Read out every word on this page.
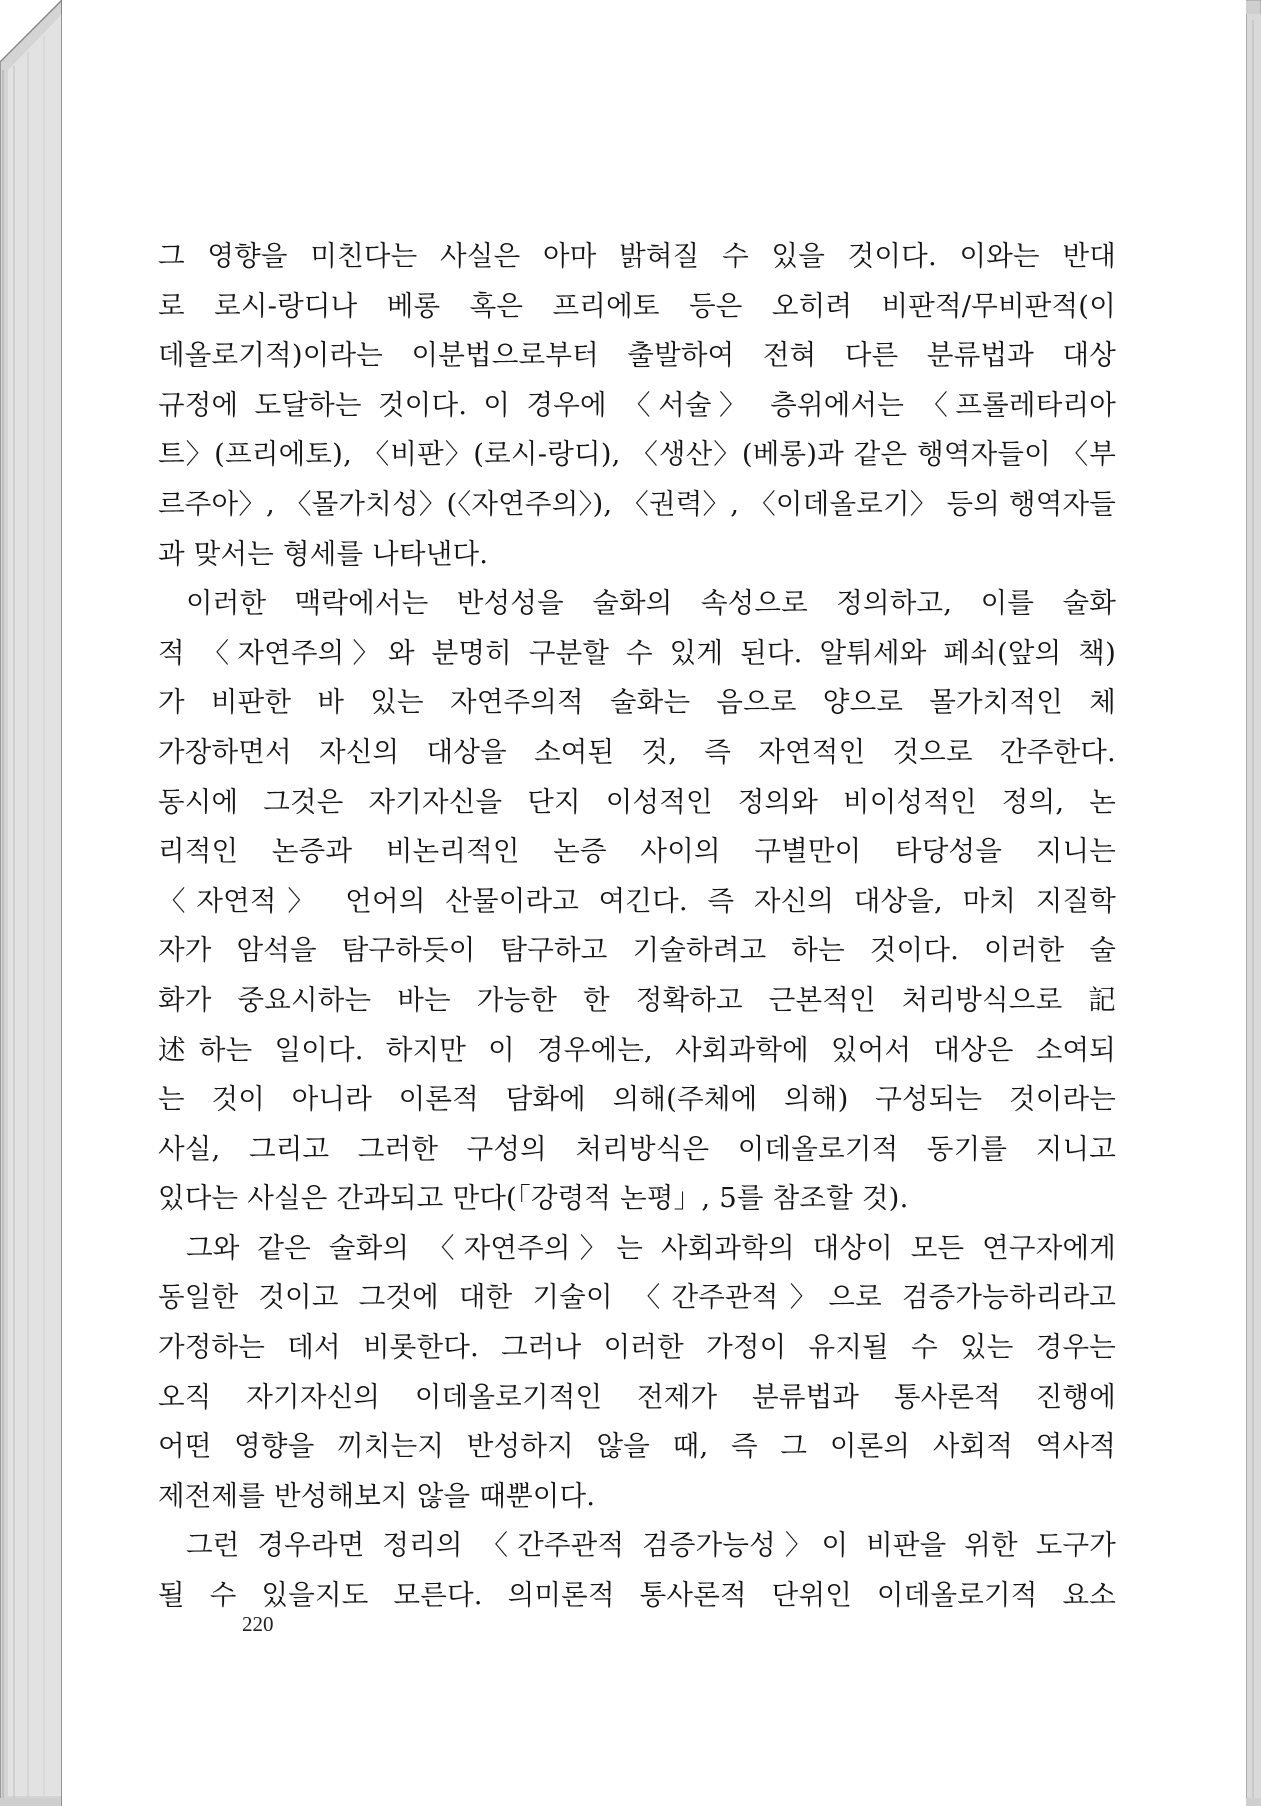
그 영향을 미친다는 사실은 아마 밝혀질 수 있을 것이다. 이와는 반대
로 로시-랑디나 베롱 혹은 프리에토 등은 오히려 비판적/무비판적(이
데올로기적)이라는 이분법으로부터 출발하여 전혀 다른 분류법과 대상
규정에 도달하는 것이다. 이 경우에 〈서술〉 층위에서는 〈프롤레타리아
트〉(프리에토), 〈비판〉(로시-랑디), 〈생산〉(베롱)과 같은 행역자들이 〈부
르주아〉, 〈몰가치성〉(〈자연주의〉), 〈권력〉, 〈이데올로기〉 등의 행역자들
과 맞서는 형세를 나타낸다.
이러한 맥락에서는 반성성을 술화의 속성으로 정의하고, 이를 술화
적 〈자연주의〉와 분명히 구분할 수 있게 된다. 알튀세와 페쇠(앞의 책)
가 비판한 바 있는 자연주의적 술화는 음으로 양으로 몰가치적인 체
가장하면서 자신의 대상을 소여된 것, 즉 자연적인 것으로 간주한다.
동시에 그것은 자기자신을 단지 이성적인 정의와 비이성적인 정의, 논
리적인 논증과 비논리적인 논증 사이의 구별만이 타당성을 지니는
〈자연적〉 언어의 산물이라고 여긴다. 즉 자신의 대상을, 마치 지질학
자가 암석을 탐구하듯이 탐구하고 기술하려고 하는 것이다. 이러한 술
화가 중요시하는 바는 가능한 한 정확하고 근본적인 처리방식으로 記
述하는 일이다. 하지만 이 경우에는, 사회과학에 있어서 대상은 소여되
는 것이 아니라 이론적 담화에 의해(주체에 의해) 구성되는 것이라는
사실, 그리고 그러한 구성의 처리방식은 이데올로기적 동기를 지니고
있다는 사실은 간과되고 만다(「강령적 논평」, 5를 참조할 것).
그와 같은 술화의 〈자연주의〉는 사회과학의 대상이 모든 연구자에게
동일한 것이고 그것에 대한 기술이 〈간주관적〉으로 검증가능하리라고
가정하는 데서 비롯한다. 그러나 이러한 가정이 유지될 수 있는 경우는
오직 자기자신의 이데올로기적인 전제가 분류법과 통사론적 진행에
어떤 영향을 끼치는지 반성하지 않을 때, 즉 그 이론의 사회적 역사적
제전제를 반성해보지 않을 때뿐이다.
그런 경우라면 정리의 〈간주관적 검증가능성〉이 비판을 위한 도구가
될 수 있을지도 모른다. 의미론적 통사론적 단위인 이데올로기적 요소
220
